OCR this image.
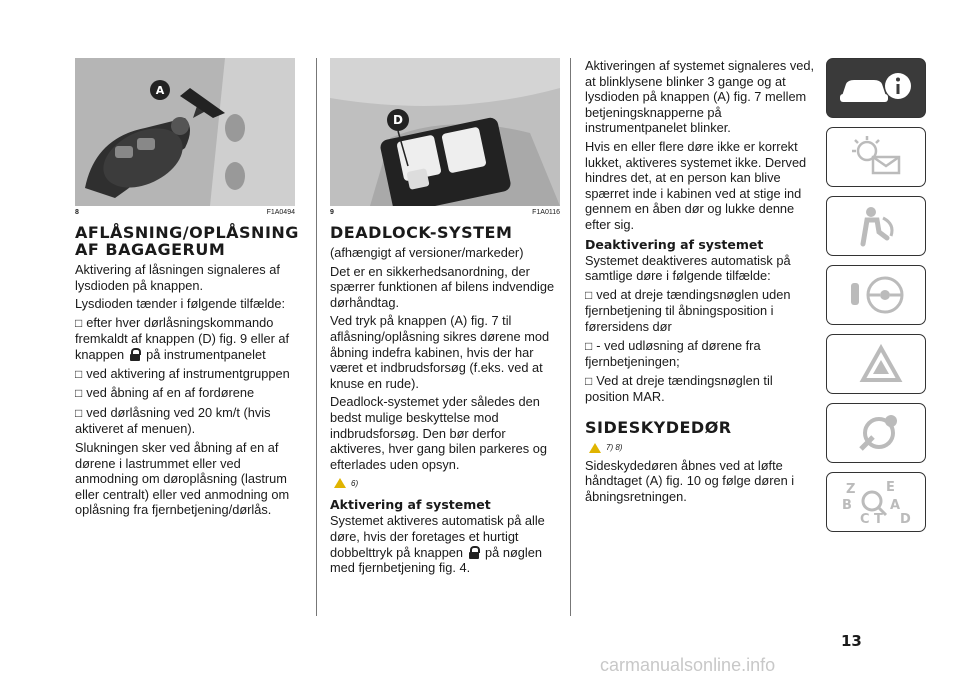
A
8	F1A0494
AFLÅSNING/OPLÅSNING AF BAGAGERUM

Aktivering af låsningen signaleres af lysdioden på knappen.

Lysdioden tænder i følgende tilfælde:

□ efter hver dørlåsningskommando fremkaldt af knappen (D) fig. 9 eller af knappen på instrumentpanelet

□ ved aktivering af instrumentgruppen

□ ved åbning af en af fordørene

□ ved dørlåsning ved 20 km/t (hvis aktiveret af menuen).

Slukningen sker ved åbning af en af dørene i lastrummet eller ved anmodning om døroplåsning (lastrum eller centralt) eller ved anmodning om oplåsning fra fjernbetjening/dørlås.

D
9	F1A0116
DEADLOCK-SYSTEM

(afhængigt af versioner/markeder)

Det er en sikkerhedsanordning, der spærrer funktionen af bilens indvendige dørhåndtag.

Ved tryk på knappen (A) fig. 7 til aflåsning/oplåsning sikres dørene mod åbning indefra kabinen, hvis der har været et indbrudsforsøg (f.eks. ved at knuse en rude).

Deadlock-systemet yder således den bedst mulige beskyttelse mod indbrudsforsøg. Den bør derfor aktiveres, hver gang bilen parkeres og efterlades uden opsyn.

6)
Aktivering af systemet

Systemet aktiveres automatisk på alle døre, hvis der foretages et hurtigt dobbelttryk på knappen på nøglen med fjernbetjening fig. 4.

Aktiveringen af systemet signaleres ved, at blinklysene blinker 3 gange og at lysdioden på knappen (A) fig. 7 mellem betjeningsknapperne på instrumentpanelet blinker.

Hvis en eller flere døre ikke er korrekt lukket, aktiveres systemet ikke. Derved hindres det, at en person kan blive spærret inde i kabinen ved at stige ind gennem en åben dør og lukke denne efter sig.

Deaktivering af systemet

Systemet deaktiveres automatisk på samtlige døre i følgende tilfælde:

□ ved at dreje tændingsnøglen uden fjernbetjening til åbningsposition i førersidens dør

□ - ved udløsning af dørene fra fjernbetjeningen;

□ Ved at dreje tændingsnøglen til position MAR.

SIDESKYDEDØR
7) 8)

Sideskydedøren åbnes ved at løfte håndtaget (A) fig. 10 og følge døren i åbningsretningen.	Z E
B	A
C T D
13
carmanualsonline.info
